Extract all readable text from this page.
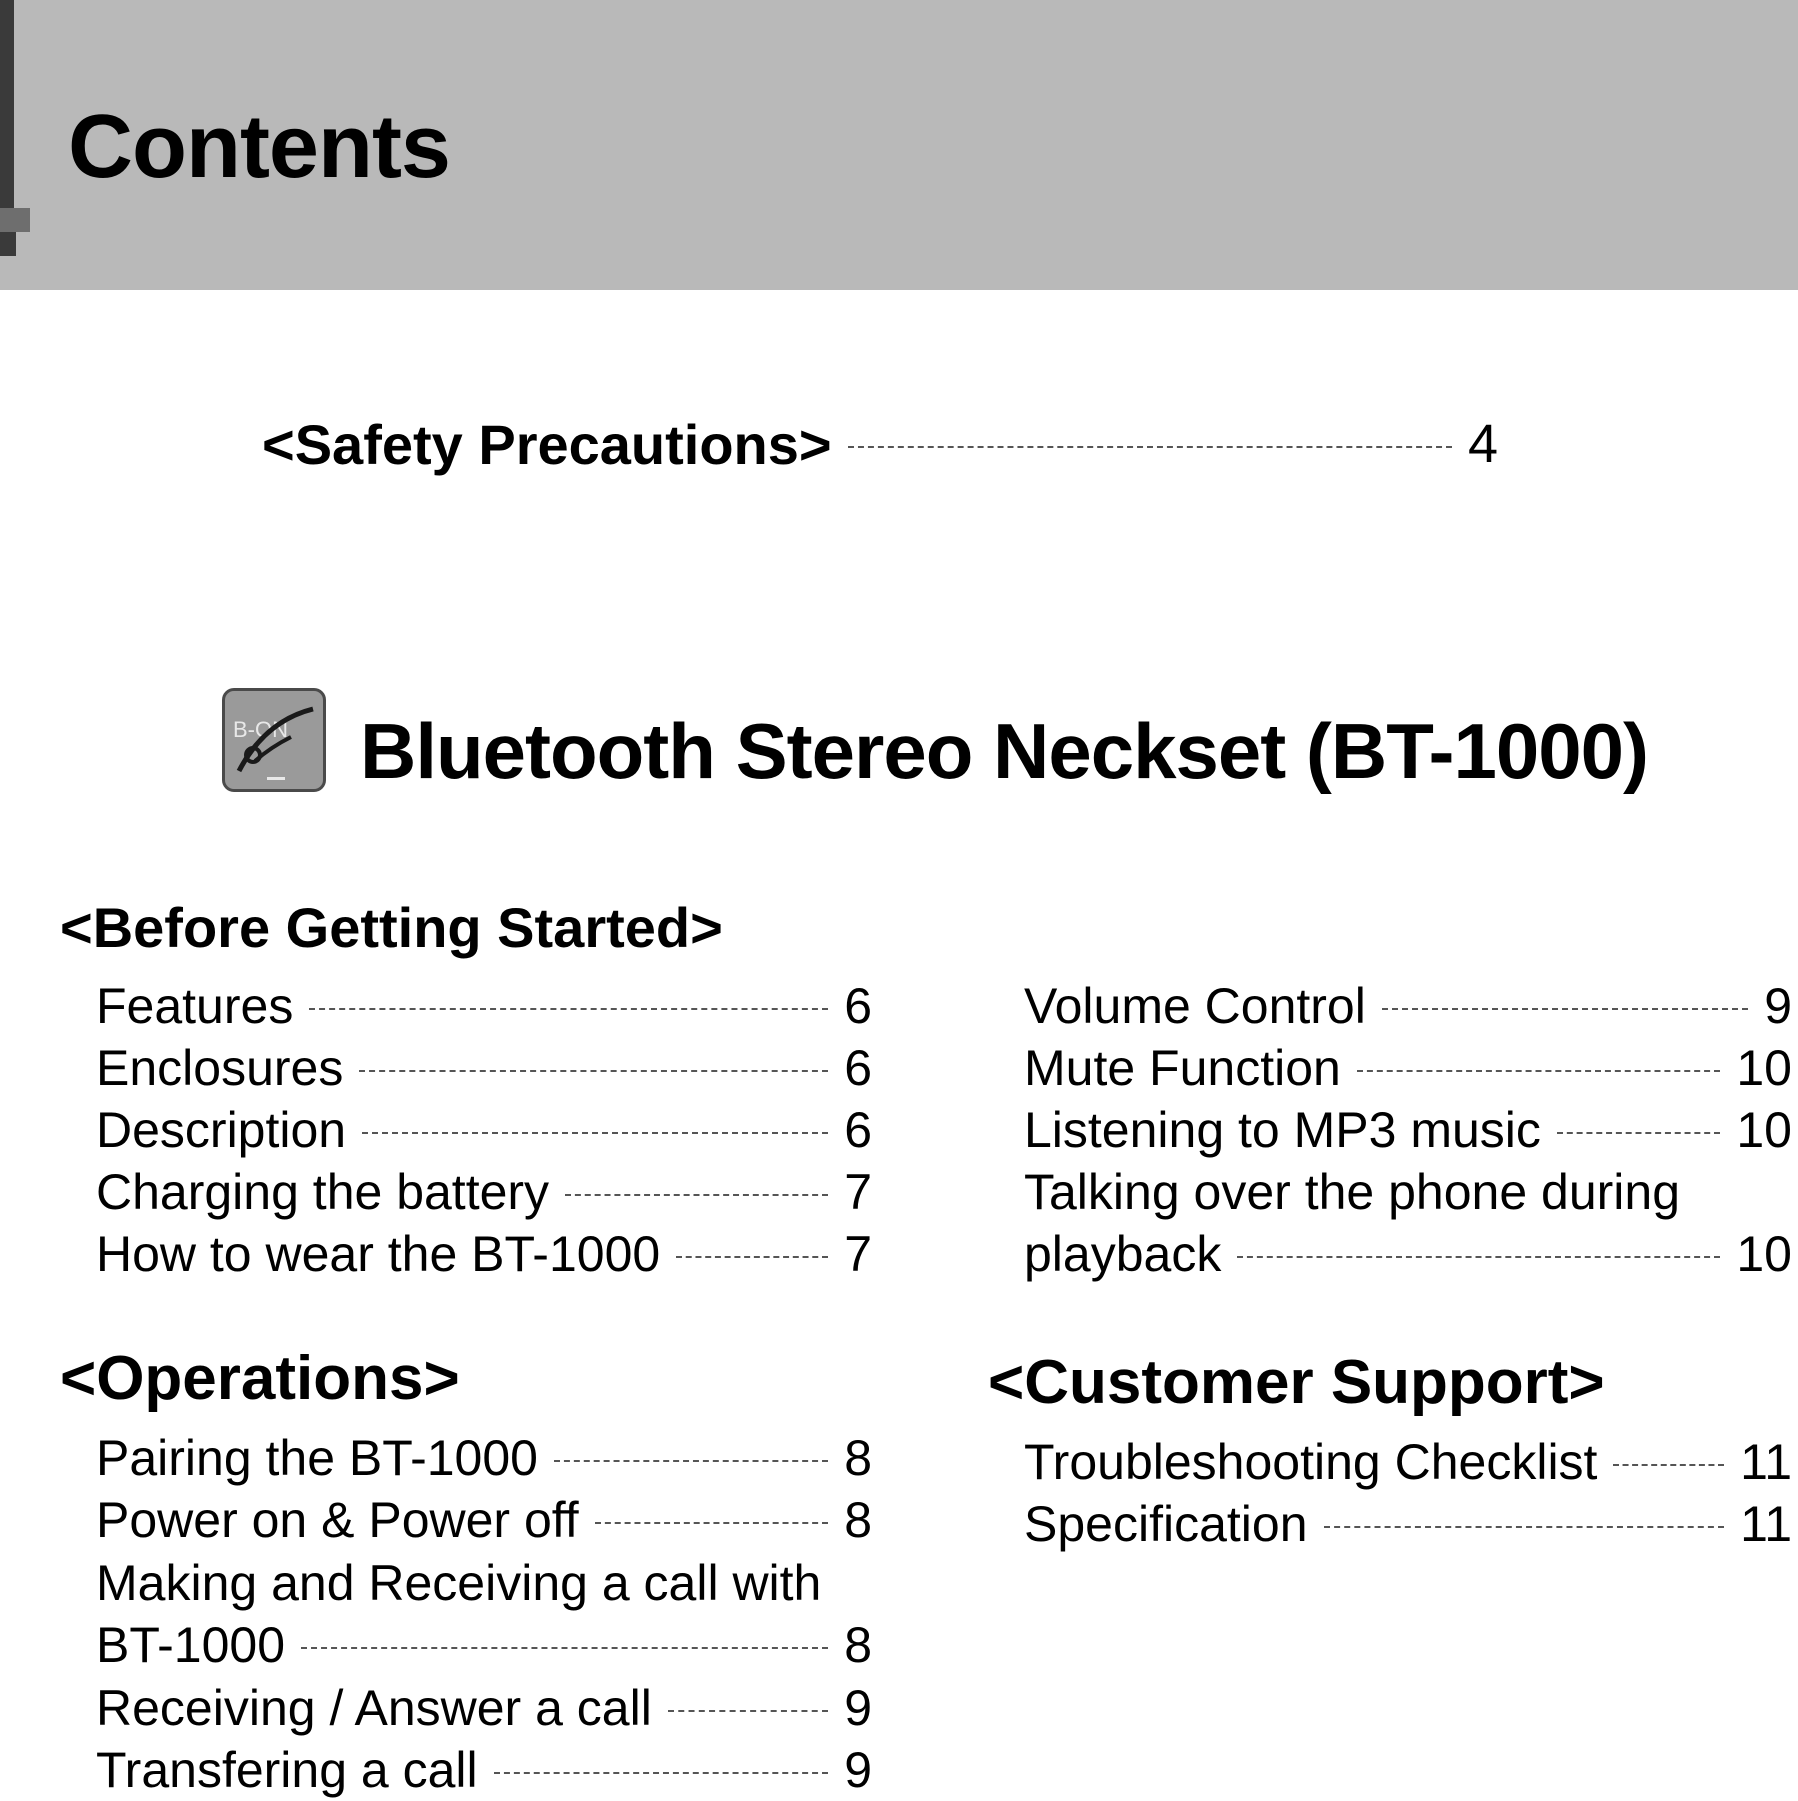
Contents
<Safety Precautions>	4
B-ON Bluetooth Stereo Neckset (BT-1000)
<Before Getting Started>
Features	6
Enclosures	6
Description	6
Charging the battery	7
How to wear the BT-1000	7
<Operations>
Pairing the BT-1000	8
Power on & Power off	8
Making and Receiving a call with
BT-1000	8
Receiving / Answer a call	9
Transfering a call	9
Volume Control	9
Mute Function	10
Listening to MP3 music	10
Talking over the phone during
playback	10
<Customer Support>
Troubleshooting Checklist	11
Specification	11
